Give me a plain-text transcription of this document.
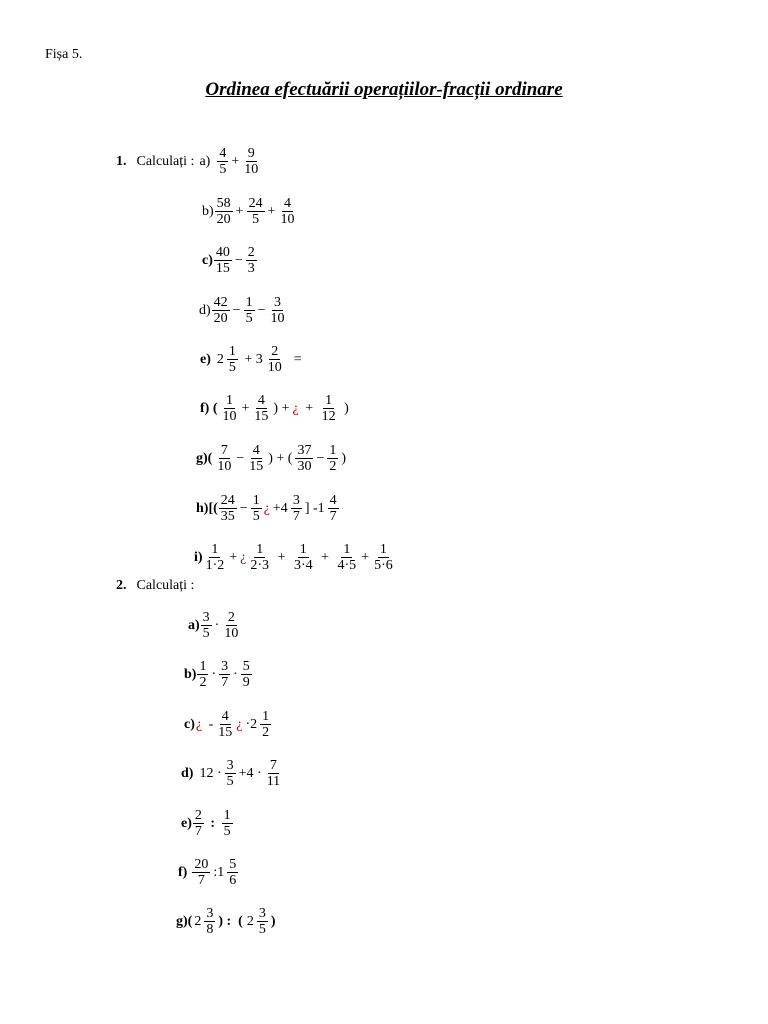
Fișa 5.
Ordinea efectuării operațiilor-fracții ordinare
1. Calculați : $a) \frac{4}{5} + \frac{9}{10}$
$b) \frac{58}{20} + \frac{24}{5} + \frac{4}{10}$
$c) \frac{40}{15} - \frac{2}{3}$
$d) \frac{42}{20} - \frac{1}{5} - \frac{3}{10}$
e) $2 \frac{1}{5} + 3 \frac{2}{10}$ =
f) ( $\frac{1}{10} + \frac{4}{15}$ ) + ¿ + $\frac{1}{12}$ )
$g)( \frac{7}{10} - \frac{4}{15}$ ) + ( $\frac{37}{30} - \frac{1}{2}$ )
$h)[( \frac{24}{35} - \frac{1}{5}$ ¿ $+4 \frac{3}{7}$ ] $-1 \frac{4}{7}$
$i) \frac{1}{1\cdot 2}$ + ¿ $\frac{1}{2\cdot 3} + \frac{1}{3\cdot 4} + \frac{1}{4\cdot 5} + \frac{1}{5\cdot 6}$
2. Calculați :
$a) \frac{3}{5} \cdot \frac{2}{10}$
$b) \frac{1}{2} \cdot \frac{3}{7} \cdot \frac{5}{9}$
c) ¿ - $\frac{4}{15}$ ¿ $\cdot 2 \frac{1}{2}$
d) $12 \cdot \frac{3}{5} +4 \cdot \frac{7}{11}$
$e) \frac{2}{7}$ : $\frac{1}{5}$
$f) \frac{20}{7}$ :1 $\frac{5}{6}$
g)( $2 \frac{3}{8}$ ) :  ( $2 \frac{3}{5}$ )
